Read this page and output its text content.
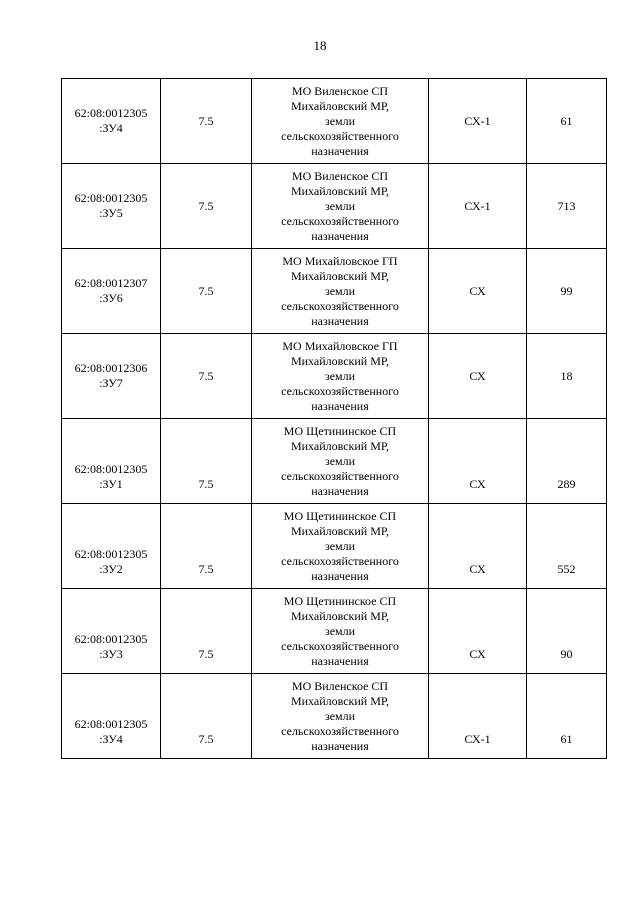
18
62:08:0012305
:ЗУ4	7.5	МО Виленское СП
Михайловский МР,
земли
сельскохозяйственного
назначения	СХ-1	61

62:08:0012305
:ЗУ5	7.5	МО Виленское СП
Михайловский МР,
земли
сельскохозяйственного
назначения	СХ-1	713

62:08:0012307
:ЗУ6	7.5	МО Михайловское ГП
Михайловский МР,
земли
сельскохозяйственного
назначения	СХ	99

62:08:0012306
:ЗУ7	7.5	МО Михайловское ГП
Михайловский МР,
земли
сельскохозяйственного
назначения	СХ	18

62:08:0012305
:ЗУ1	7.5	МО Щетининское СП
Михайловский МР,
земли
сельскохозяйственного
назначения	СХ	289

62:08:0012305
:ЗУ2	7.5	МО Щетининское СП
Михайловский МР,
земли
сельскохозяйственного
назначения	СХ	552

62:08:0012305
:ЗУ3	7.5	МО Щетининское СП
Михайловский МР,
земли
сельскохозяйственного
назначения	СХ	90

62:08:0012305
:ЗУ4	7.5	МО Виленское СП
Михайловский МР,
земли
сельскохозяйственного
назначения	СХ-1	61
